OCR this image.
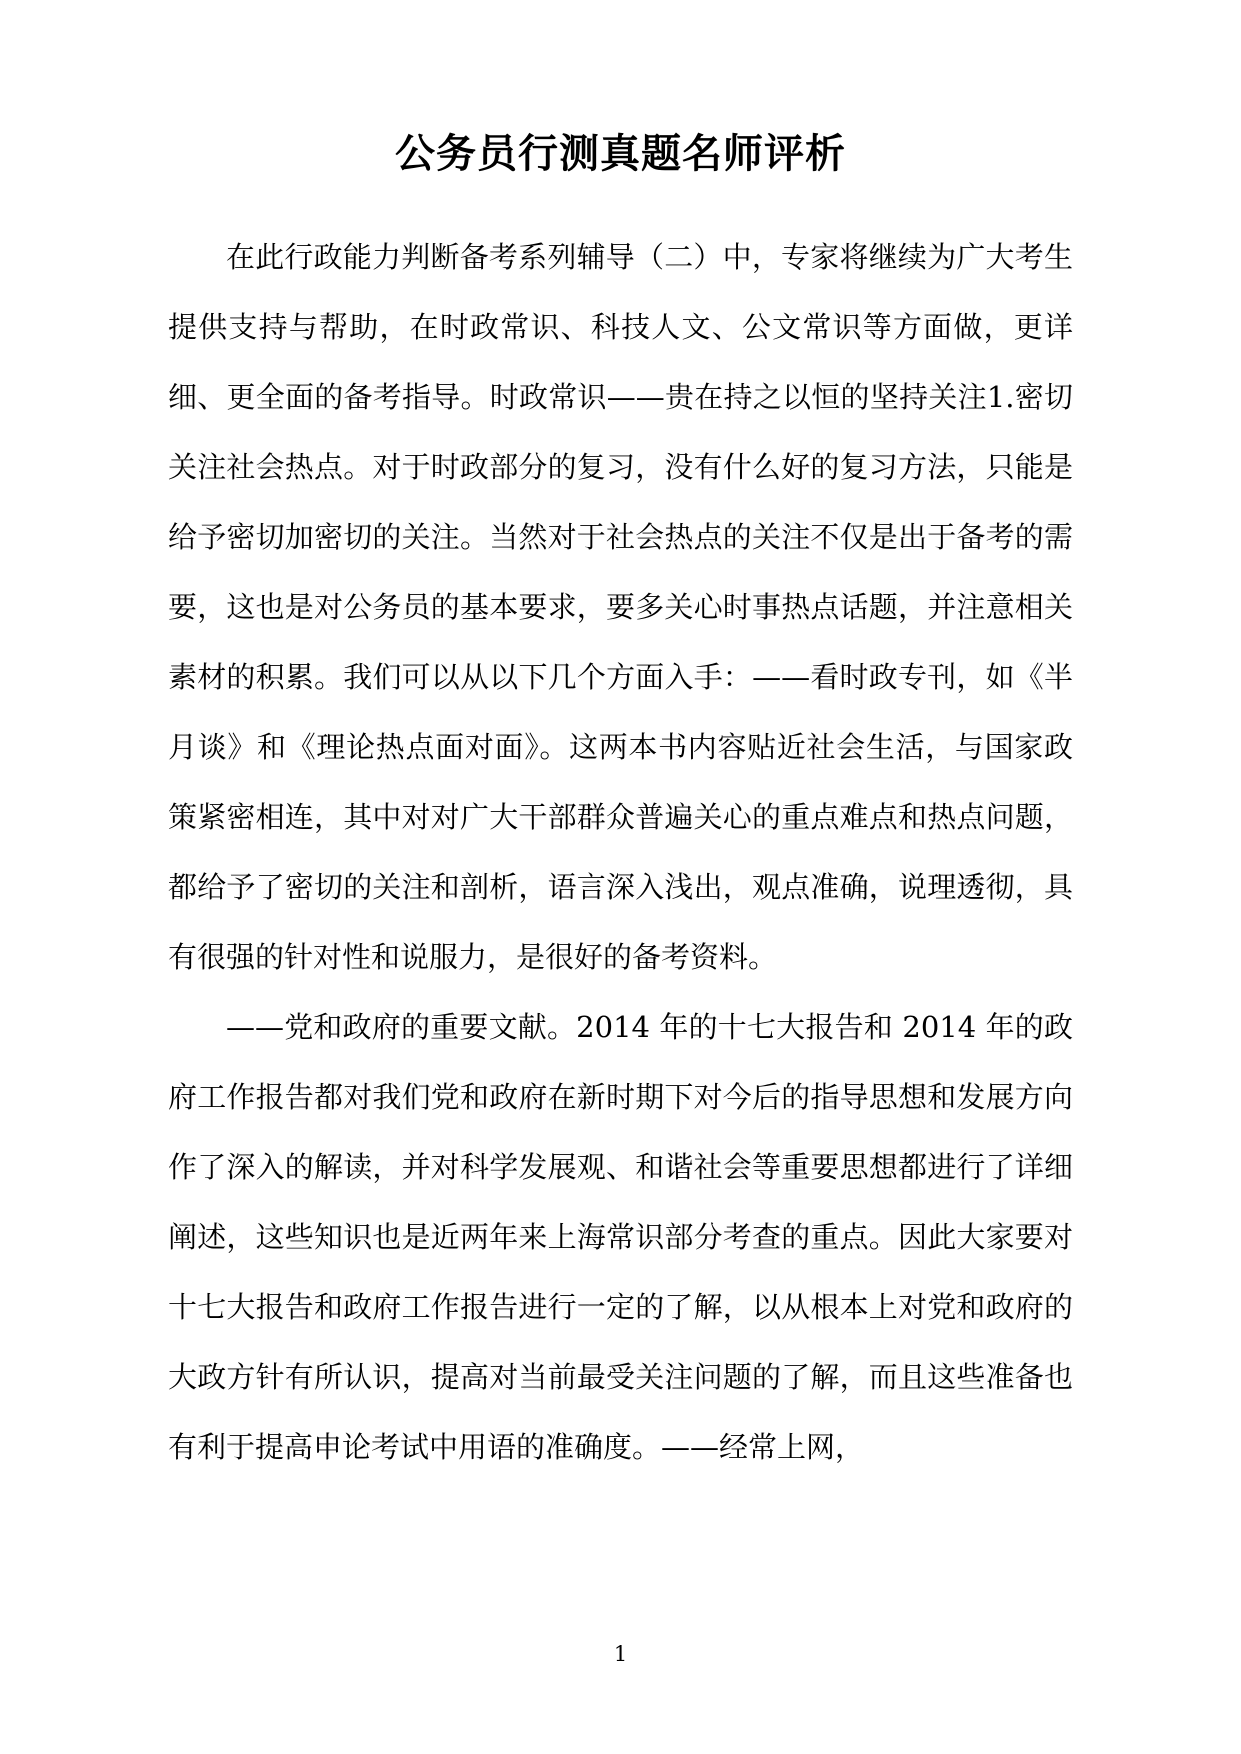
公务员行测真题名师评析

在此行政能力判断备考系列辅导（二）中，专家将继续为广大考生提供支持与帮助，在时政常识、科技人文、公文常识等方面做，更详细、更全面的备考指导。时政常识——贵在持之以恒的坚持关注1.密切关注社会热点。对于时政部分的复习，没有什么好的复习方法，只能是给予密切加密切的关注。当然对于社会热点的关注不仅是出于备考的需要，这也是对公务员的基本要求，要多关心时事热点话题，并注意相关素材的积累。我们可以从以下几个方面入手：——看时政专刊，如《半月谈》和《理论热点面对面》。这两本书内容贴近社会生活，与国家政策紧密相连，其中对对广大干部群众普遍关心的重点难点和热点问题，都给予了密切的关注和剖析，语言深入浅出，观点准确，说理透彻，具有很强的针对性和说服力，是很好的备考资料。

——党和政府的重要文献。2014 年的十七大报告和 2014 年的政府工作报告都对我们党和政府在新时期下对今后的指导思想和发展方向作了深入的解读，并对科学发展观、和谐社会等重要思想都进行了详细阐述，这些知识也是近两年来上海常识部分考查的重点。因此大家要对十七大报告和政府工作报告进行一定的了解，以从根本上对党和政府的大政方针有所认识，提高对当前最受关注问题的了解，而且这些准备也有利于提高申论考试中用语的准确度。——经常上网，

1
